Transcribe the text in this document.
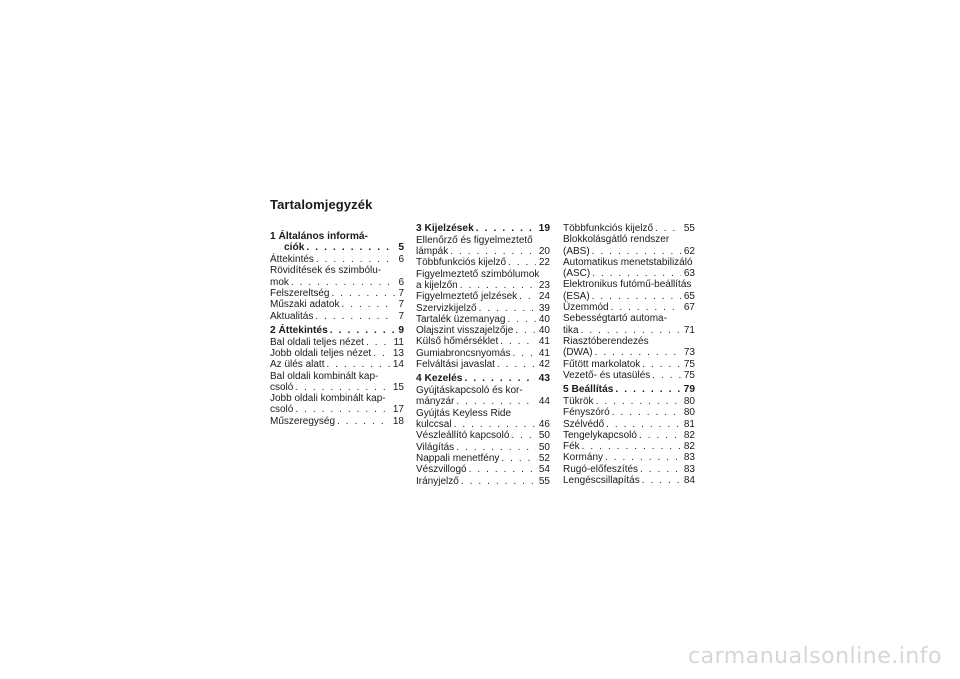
Tartalomjegyzék
1 Általános informá-
ciók . . .	5
Áttekintés . . .	6
Rövidítések és szimbólu-
mok . . .	6
Felszereltség . . .	7
Műszaki adatok . . .	7
Aktualitás . . .	7
2 Áttekintés . . .	9
Bal oldali teljes nézet . . .	11
Jobb oldali teljes nézet . . .	13
Az ülés alatt . . .	14
Bal oldali kombinált kap-
csoló . . .	15
Jobb oldali kombinált kap-
csoló . . .	17
Műszeregység . . .	18
3 Kijelzések . . .	19
Ellenőrző és figyelmeztető
lámpák . . .	20
Többfunkciós kijelző . . .	22
Figyelmeztető szimbólumok
a kijelzőn . . .	23
Figyelmeztető jelzések . . .	24
Szervizkijelző . . .	39
Tartalék üzemanyag . . .	40
Olajszint visszajelzője . . .	40
Külső hőmérséklet . . .	41
Gumiabroncsnyomás . . .	41
Felváltási javaslat . . .	42
4 Kezelés . . .	43
Gyújtáskapcsoló és kor-
mányzár . . .	44
Gyújtás Keyless Ride
kulccsal . . .	46
Vészleállító kapcsoló . . .	50
Világítás . . .	50
Nappali menetfény . . .	52
Vészvillogó . . .	54
Irányjelző . . .	55
Többfunkciós kijelző . . .	55
Blokkolásgátló rendszer
(ABS) . . .	62
Automatikus menetstabilizáló
(ASC) . . .	63
Elektronikus futómű-beállítás
(ESA) . . .	65
Üzemmód . . .	67
Sebességtartó automa-
tika . . .	71
Riasztóberendezés
(DWA) . . .	73
Fűtött markolatok . . .	75
Vezető- és utasülés . . .	75
5 Beállítás . . .	79
Tükrök . . .	80
Fényszóró . . .	80
Szélvédő . . .	81
Tengelykapcsoló . . .	82
Fék . . .	82
Kormány . . .	83
Rugó-előfeszítés . . .	83
Lengéscsillapítás . . .	84
carmanualsonline.info
